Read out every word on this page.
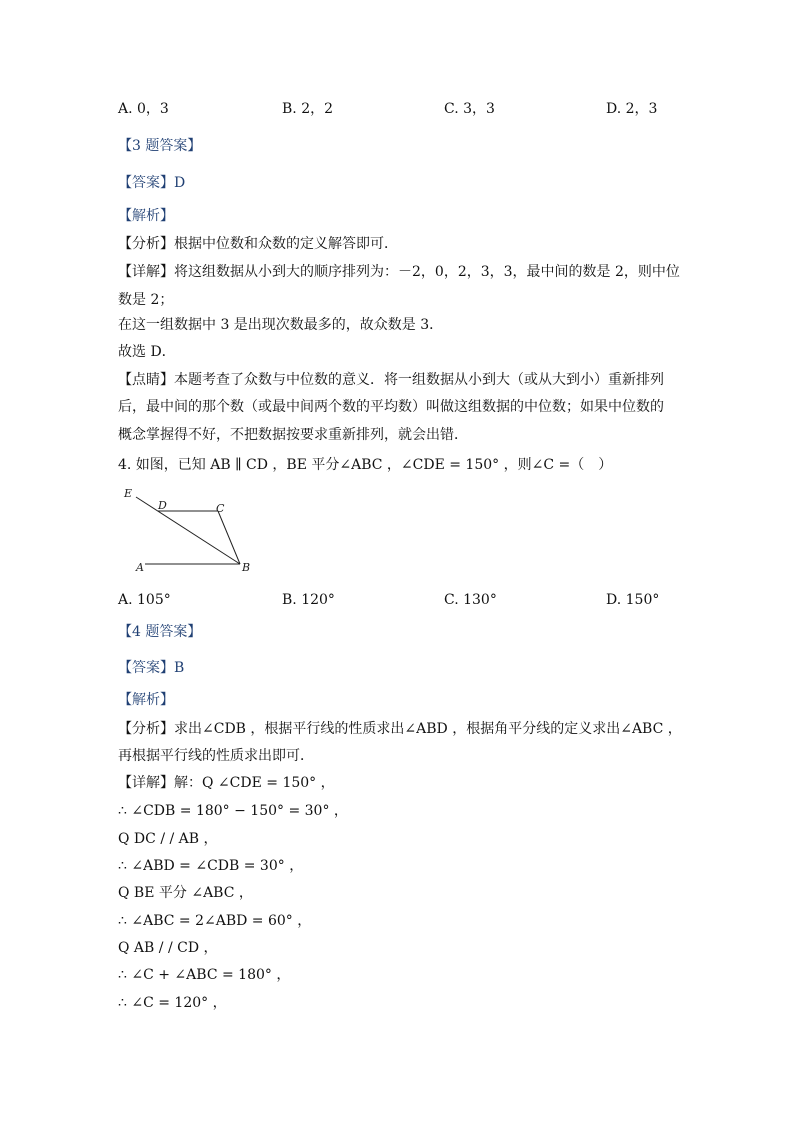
A. 0，3	B. 2，2	C. 3，3	D. 2，3
【3 题答案】
【答案】D
【解析】
【分析】根据中位数和众数的定义解答即可．
【详解】将这组数据从小到大的顺序排列为：－2，0，2，3，3，最中间的数是 2，则中位
数是 2；
在这一组数据中 3 是出现次数最多的，故众数是 3．
故选 D．
【点睛】本题考查了众数与中位数的意义．将一组数据从小到大（或从大到小）重新排列
后，最中间的那个数（或最中间两个数的平均数）叫做这组数据的中位数；如果中位数的
概念掌握得不好，不把数据按要求重新排列，就会出错．
4. 如图，已知 AB ∥ CD ，BE 平分∠ABC ，∠CDE = 150° ，则∠C =（　）
E
D	C
A	B
A. 105°	B. 120°	C. 130°	D. 150°
【4 题答案】
【答案】B
【解析】
【分析】求出∠CDB ，根据平行线的性质求出∠ABD ，根据角平分线的定义求出∠ABC ，
再根据平行线的性质求出即可．
【详解】解：Q ∠CDE = 150° ，
∴ ∠CDB = 180° − 150° = 30° ，
Q DC / / AB ，
∴ ∠ABD = ∠CDB = 30° ，
Q BE 平分 ∠ABC ，
∴ ∠ABC = 2∠ABD = 60° ，
Q AB / / CD ，
∴ ∠C + ∠ABC = 180° ，
∴ ∠C = 120° ，
